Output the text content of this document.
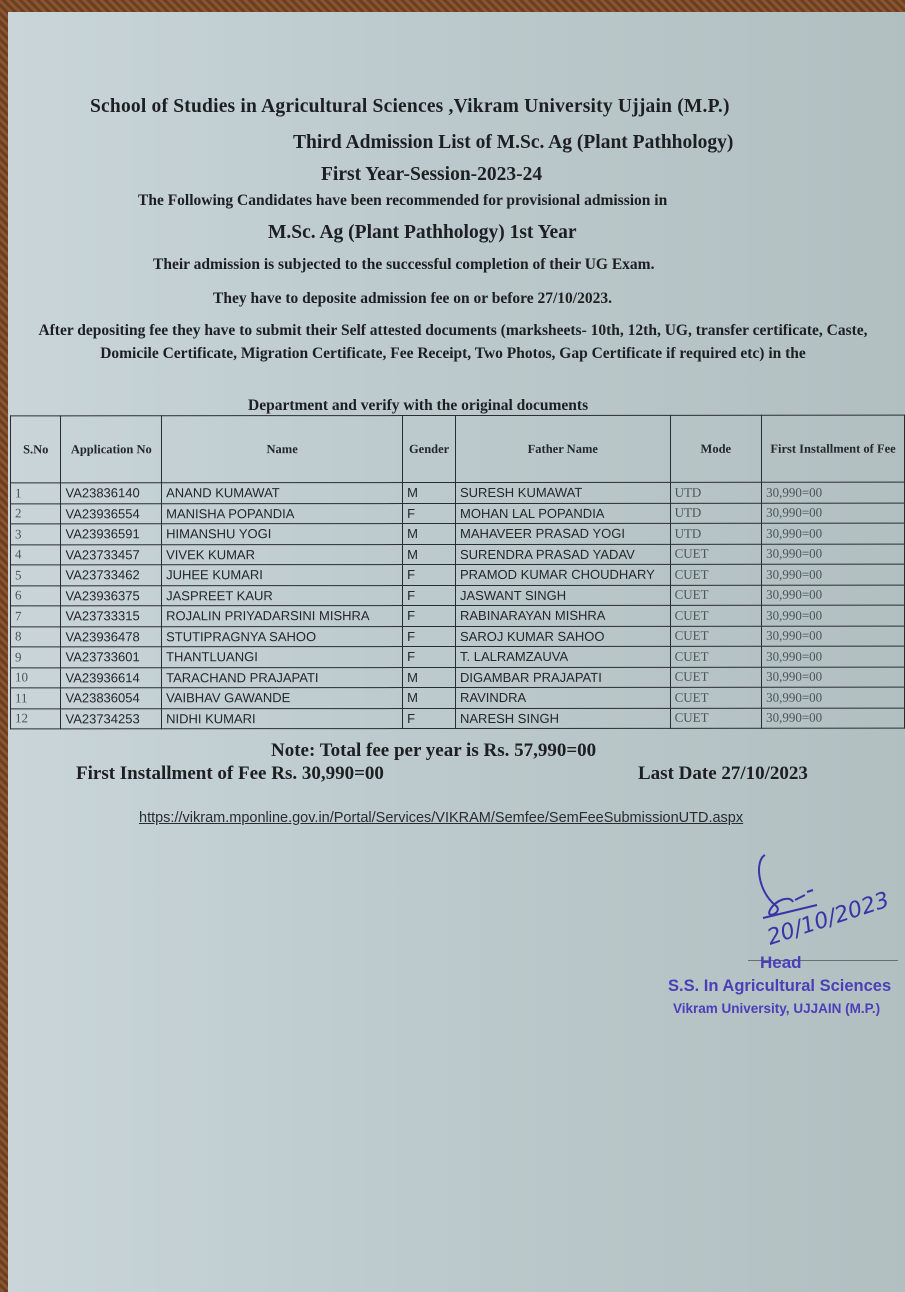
School of Studies in Agricultural Sciences ,Vikram University Ujjain (M.P.)
Third Admission List of M.Sc. Ag (Plant Pathhology)
First Year-Session-2023-24
The Following Candidates have been recommended for provisional admission in
M.Sc. Ag (Plant Pathhology) 1st Year
Their admission is subjected to the successful completion of their UG Exam.
They have to deposite admission fee on or before 27/10/2023.
After depositing fee they have to submit their Self attested documents (marksheets- 10th, 12th, UG, transfer certificate, Caste, Domicile Certificate, Migration Certificate, Fee Receipt, Two Photos, Gap Certificate if required etc) in the
Department and verify with the original documents
S.No	Application No	Name	Gender	Father Name	Mode	First Installment of Fee
1	VA23836140	ANAND KUMAWAT	M	SURESH KUMAWAT	UTD	30,990=00
2	VA23936554	MANISHA POPANDIA	F	MOHAN LAL POPANDIA	UTD	30,990=00
3	VA23936591	HIMANSHU YOGI	M	MAHAVEER PRASAD YOGI	UTD	30,990=00
4	VA23733457	VIVEK KUMAR	M	SURENDRA PRASAD YADAV	CUET	30,990=00
5	VA23733462	JUHEE KUMARI	F	PRAMOD KUMAR CHOUDHARY	CUET	30,990=00
6	VA23936375	JASPREET KAUR	F	JASWANT SINGH	CUET	30,990=00
7	VA23733315	ROJALIN PRIYADARSINI MISHRA	F	RABINARAYAN MISHRA	CUET	30,990=00
8	VA23936478	STUTIPRAGNYA SAHOO	F	SAROJ KUMAR SAHOO	CUET	30,990=00
9	VA23733601	THANTLUANGI	F	T. LALRAMZAUVA	CUET	30,990=00
10	VA23936614	TARACHAND PRAJAPATI	M	DIGAMBAR PRAJAPATI	CUET	30,990=00
11	VA23836054	VAIBHAV GAWANDE	M	RAVINDRA	CUET	30,990=00
12	VA23734253	NIDHI KUMARI	F	NARESH SINGH	CUET	30,990=00
Note: Total fee per year is Rs. 57,990=00
First Installment of Fee Rs. 30,990=00	Last Date 27/10/2023
https://vikram.mponline.gov.in/Portal/Services/VIKRAM/Semfee/SemFeeSubmissionUTD.aspx
20/10/2023
Head
S.S. In Agricultural Sciences
Vikram University, UJJAIN (M.P.)
